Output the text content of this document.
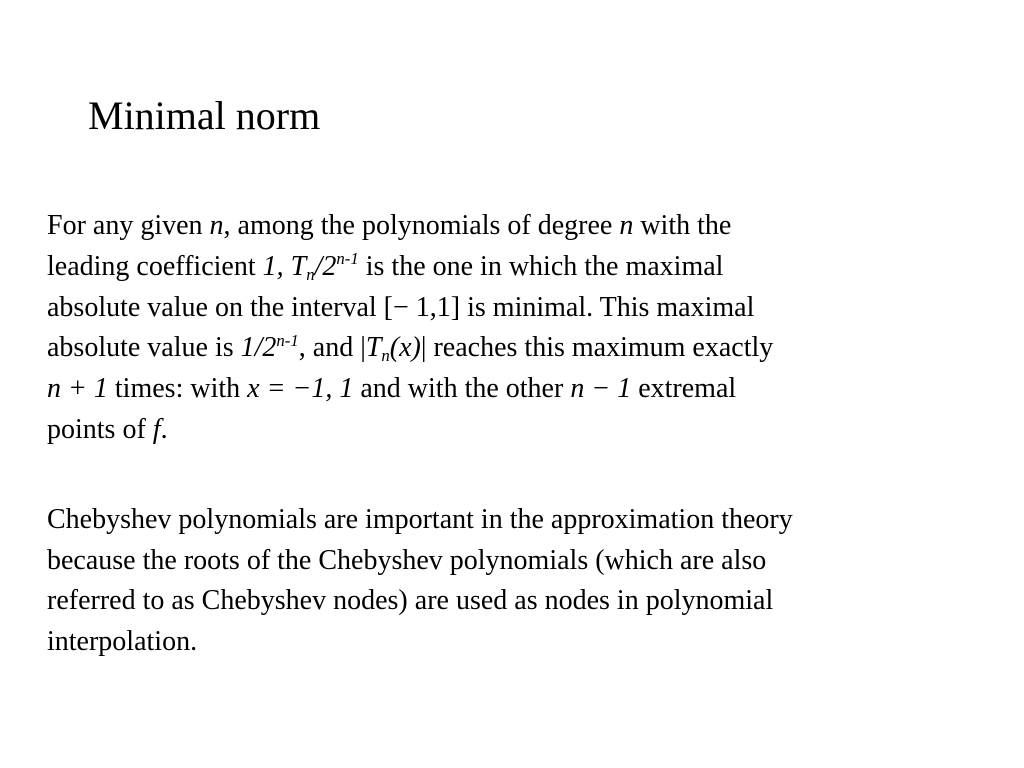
Minimal norm

For any given n, among the polynomials of degree n with the
leading coefficient 1, $T_n/2^{n-1}$ is the one in which the maximal
absolute value on the interval [− 1,1] is minimal. This maximal
absolute value is 1/2$^{n-1}$, and $|T_n(x)|$ reaches this maximum exactly
n + 1 times: with x = −1, 1 and with the other n − 1 extremal
points of f.

Chebyshev polynomials are important in the approximation theory
because the roots of the Chebyshev polynomials (which are also
referred to as Chebyshev nodes) are used as nodes in polynomial
interpolation.
